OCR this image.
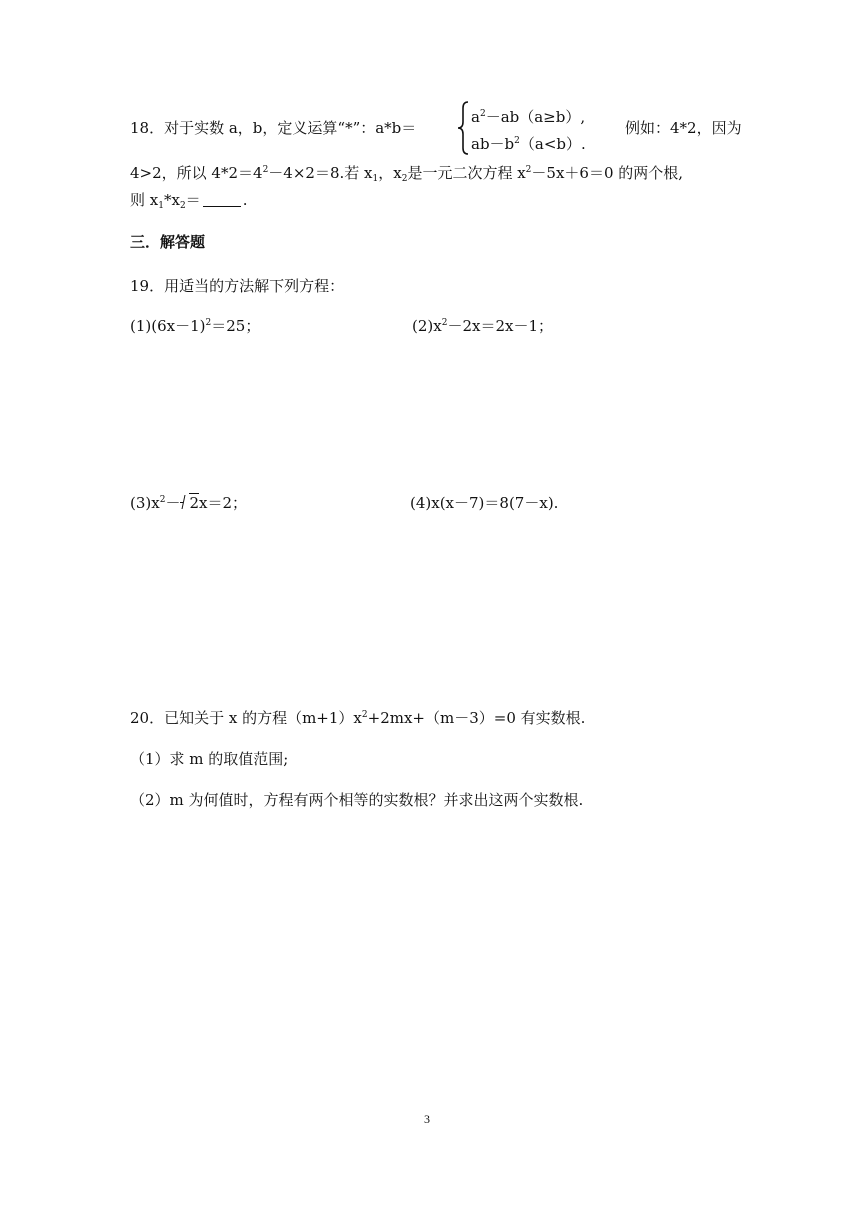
18．对于实数 a，b，定义运算“*”：a*b＝
$a^2-ab(a\ge b)$,
$ab-b^2(a<b)$.
例如：4*2，因为
4>2，所以 $4*2=4^2-4\times 2=8$.若 $x_1$，$x_2$是一元二次方程 $x^2-5x+6=0$ 的两个根,
则 $x_1*x_2=$	.
三．解答题
19．用适当的方法解下列方程：
$(1)(6x-1)^2=25$；	$(2)x^2-2x=2x-1$；
$(3)x^2- 2x=2$；	(4)x(x－7)＝8(7－x).
20．已知关于 x 的方程$(m+1)x^2+2mx+(m-3)=0$ 有实数根.
（1）求 m 的取值范围;
（2）m 为何值时，方程有两个相等的实数根？并求出这两个实数根.
3
